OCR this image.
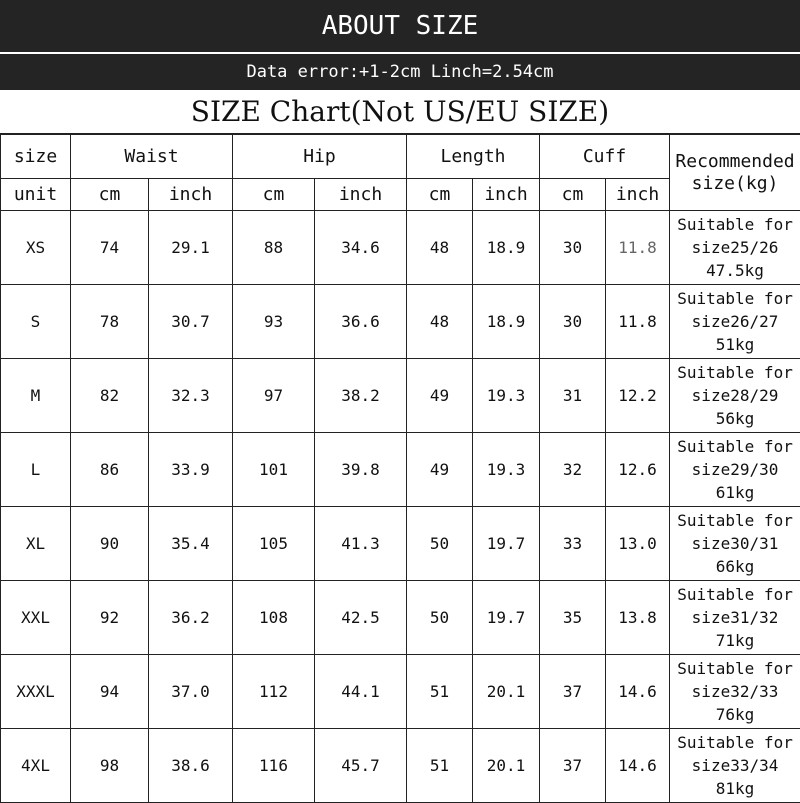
ABOUT SIZE
Data error:+1-2cm Linch=2.54cm
SIZE Chart(Not US/EU SIZE)
size	Waist		Hip		Length		Cuff		Recommended
size(kg)

unit	cm	inch	cm	inch	cm	inch	cm	inch	
XS	74	29.1	88	34.6	48	18.9	30	11.8	Suitable for
size25/26
47.5kg

S	78	30.7	93	36.6	48	18.9	30	11.8	Suitable for
size26/27
51kg

M	82	32.3	97	38.2	49	19.3	31	12.2	Suitable for
size28/29
56kg

L	86	33.9	101	39.8	49	19.3	32	12.6	Suitable for
size29/30
61kg

XL	90	35.4	105	41.3	50	19.7	33	13.0	Suitable for
size30/31
66kg

XXL	92	36.2	108	42.5	50	19.7	35	13.8	Suitable for
size31/32
71kg

XXXL	94	37.0	112	44.1	51	20.1	37	14.6	Suitable for
size32/33
76kg

4XL	98	38.6	116	45.7	51	20.1	37	14.6	Suitable for
size33/34
81kg
